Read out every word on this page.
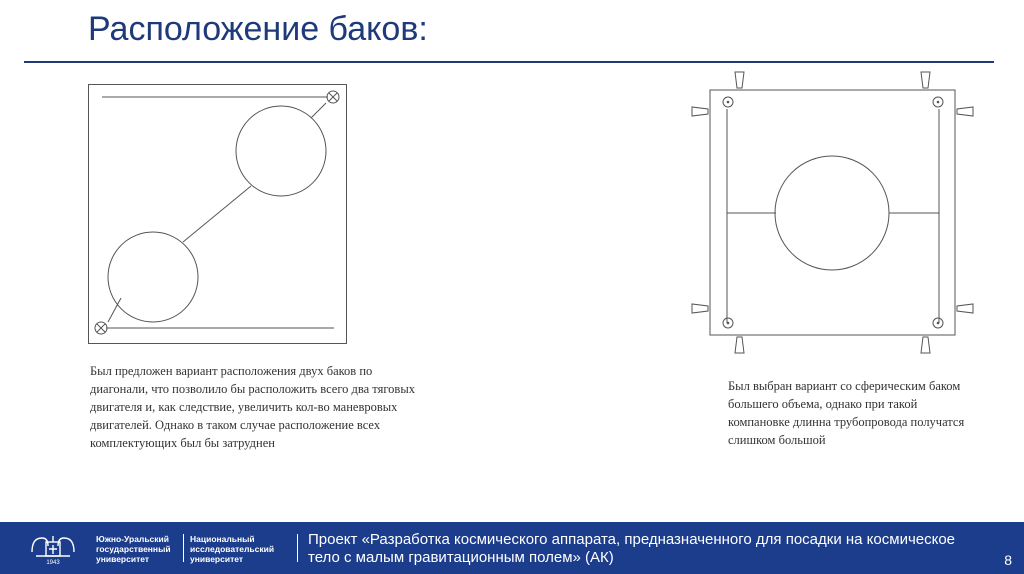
Расположение баков:
Был предложен вариант расположения двух баков по диагонали, что позволило бы расположить всего два тяговых двигателя и, как следствие, увеличить кол-во маневровых двигателей. Однако в таком случае расположение всех комплектующих был бы затруднен
Был выбран вариант со сферическим баком большего объема, однако при такой компановке длинна трубопровода получатся слишком большой
1943
Южно-Уральский государственный университет
Национальный исследовательский университет
Проект «Разработка космического аппарата, предназначенного для посадки на космическое тело с малым гравитационным полем» (АК)	8
